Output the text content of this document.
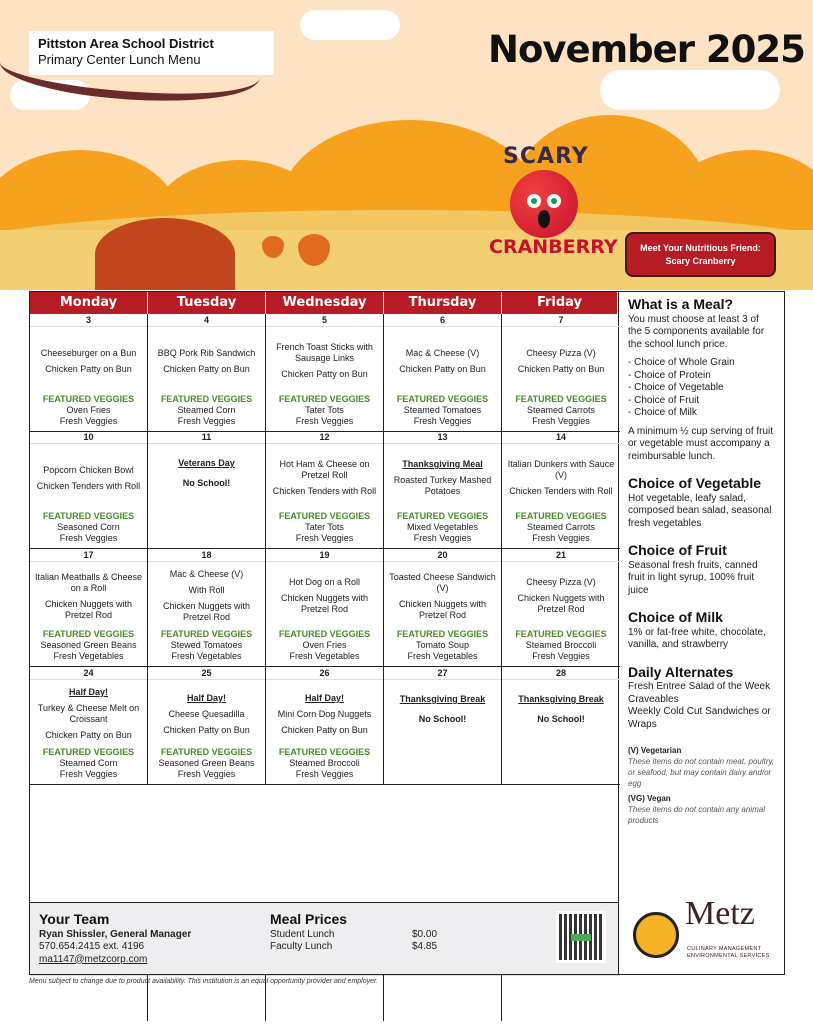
Pittston Area School District
Primary Center Lunch Menu	November 2025
SCARY
CRANBERRY	Meet Your Nutritious Friend:
Scary Cranberry
Monday	Tuesday	Wednesday	Thursday	Friday
3
Cheeseburger on a Bun
Chicken Patty on Bun
FEATURED VEGGIES
Oven Fries
Fresh Veggies
4
BBQ Pork Rib Sandwich
Chicken Patty on Bun
FEATURED VEGGIES
Steamed Corn
Fresh Veggies
5
French Toast Sticks with Sausage Links
Chicken Patty on Bun
FEATURED VEGGIES
Tater Tots
Fresh Veggies
6
Mac & Cheese (V)
Chicken Patty on Bun
FEATURED VEGGIES
Steamed Tomatoes
Fresh Veggies
7
Cheesy Pizza (V)
Chicken Patty on Bun
FEATURED VEGGIES
Steamed Carrots
Fresh Veggies
10
Popcorn Chicken Bowl
Chicken Tenders with Roll
FEATURED VEGGIES
Seasoned Corn
Fresh Veggies
11
Veterans Day
No School!
12
Hot Ham & Cheese on Pretzel Roll
Chicken Tenders with Roll
FEATURED VEGGIES
Tater Tots
Fresh Veggies
13
Thanksgiving Meal
Roasted Turkey Mashed Potatoes
FEATURED VEGGIES
Mixed Vegetables
Fresh Veggies
14
Italian Dunkers with Sauce (V)
Chicken Tenders with Roll
FEATURED VEGGIES
Steamed Carrots
Fresh Veggies
17
Italian Meatballs & Cheese on a Roll
Chicken Nuggets with Pretzel Rod
FEATURED VEGGIES
Seasoned Green Beans
Fresh Vegetables
18
Mac & Cheese (V)
With Roll
Chicken Nuggets with Pretzel Rod
FEATURED VEGGIES
Stewed Tomatoes
Fresh Vegetables
19
Hot Dog on a Roll
Chicken Nuggets with Pretzel Rod
FEATURED VEGGIES
Oven Fries
Fresh Vegetables
20
Toasted Cheese Sandwich (V)
Chicken Nuggets with Pretzel Rod
FEATURED VEGGIES
Tomato Soup
Fresh Vegetables
21
Cheesy Pizza (V)
Chicken Nuggets with Pretzel Rod
FEATURED VEGGIES
Steamed Broccoli
Fresh Veggies
24
Half Day!
Turkey & Cheese Melt on Croissant
Chicken Patty on Bun
FEATURED VEGGIES
Steamed Corn
Fresh Veggies
25
Half Day!
Cheese Quesadilla
Chicken Patty on Bun
FEATURED VEGGIES
Seasoned Green Beans
Fresh Veggies
26
Half Day!
Mini Corn Dog Nuggets
Chicken Patty on Bun
FEATURED VEGGIES
Steamed Broccoli
Fresh Veggies
27
Thanksgiving Break
No School!
28
Thanksgiving Break
No School!
What is a Meal?

You must choose at least 3 of the 5 components available for the school lunch price.

- Choice of Whole Grain
- Choice of Protein
- Choice of Vegetable
- Choice of Fruit
- Choice of Milk

A minimum ½ cup serving of fruit or vegetable must accompany a reimbursable lunch.

Choice of Vegetable

Hot vegetable, leafy salad, composed bean salad, seasonal fresh vegetables

Choice of Fruit

Seasonal fresh fruits, canned fruit in light syrup, 100% fruit juice

Choice of Milk

1% or fat-free white, chocolate, vanilla, and strawberry

Daily Alternates

Fresh Entree Salad of the Week
Craveables
Weekly Cold Cut Sandwiches or Wraps

(V) Vegetarian
These items do not contain meat, poultry, or seafood, but may contain dairy and/or egg
(VG) Vegan
These items do not contain any animal products
Metz
CULINARY MANAGEMENT
ENVIRONMENTAL SERVICES
Your Team
Ryan Shissler, General Manager
570.654.2415 ext. 4196
ma1147@metzcorp.com
Meal Prices
Student Lunch	$0.00
Faculty Lunch	$4.85
Menu subject to change due to product availability. This institution is an equal opportunity provider and employer.
